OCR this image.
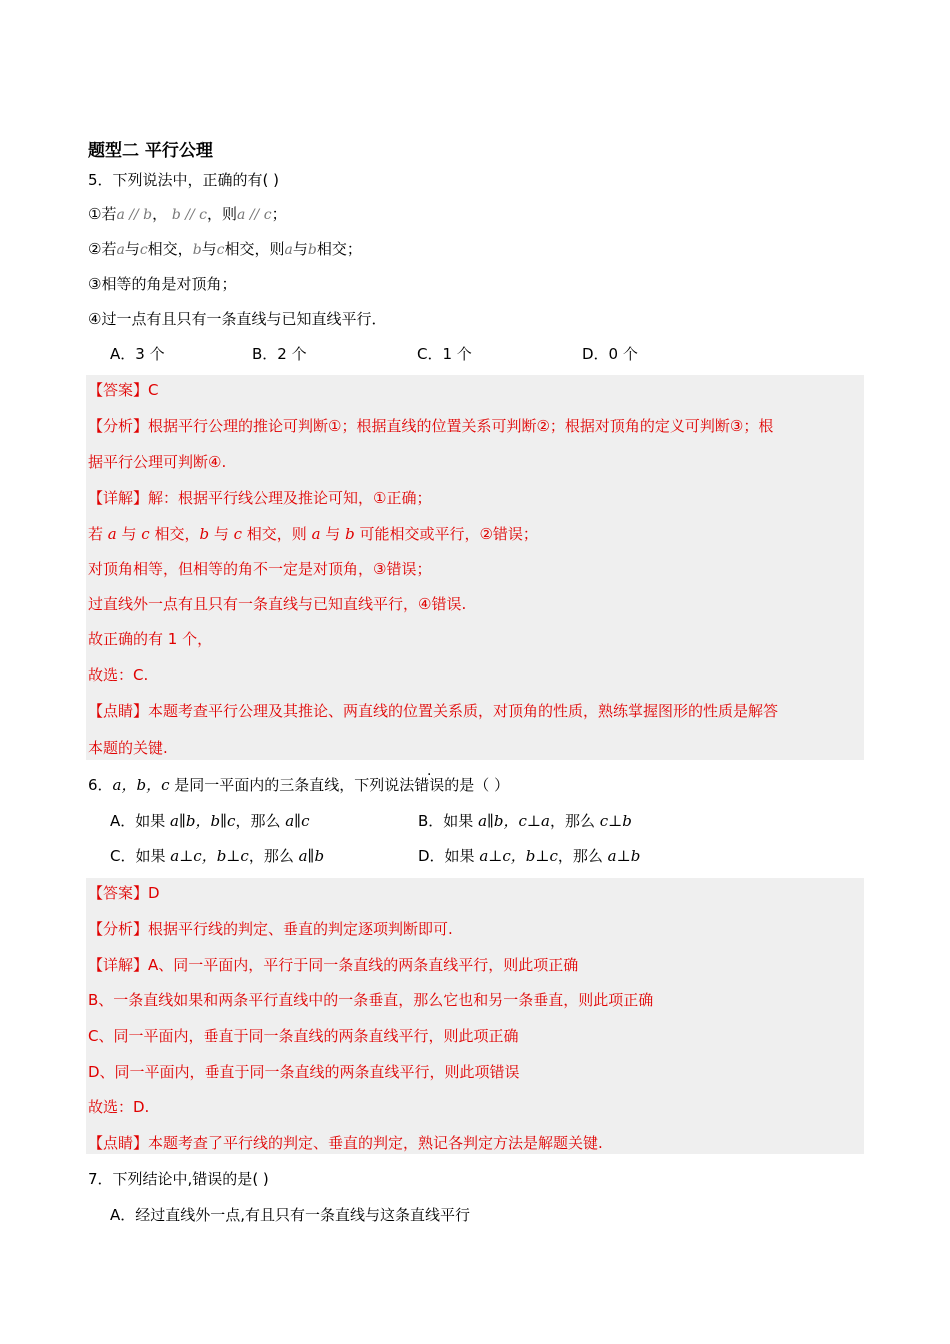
题型二 平行公理
5．下列说法中，正确的有( )
①若a // b， b // c，则a // c；
②若a与c相交，b与c相交，则a与b相交；
③相等的角是对顶角；
④过一点有且只有一条直线与已知直线平行．
A．3 个	B．2 个	C．1 个	D．0 个
【答案】C
【分析】根据平行公理的推论可判断①；根据直线的位置关系可判断②；根据对顶角的定义可判断③；根
据平行公理可判断④.
【详解】解：根据平行线公理及推论可知，①正确；
若 a 与 c 相交，b 与 c 相交，则 a 与 b 可能相交或平行，②错误；
对顶角相等，但相等的角不一定是对顶角，③错误；
过直线外一点有且只有一条直线与已知直线平行，④错误.
故正确的有 1 个，
故选：C.
【点睛】本题考查平行公理及其推论、两直线的位置关系质，对顶角的性质，熟练掌握图形的性质是解答
本题的关键.
6．a，b，c 是同一平面内的三条直线，下列说法错误的是（ ）
A．如果 a∥b，b∥c，那么 a∥c	B．如果 a∥b，c⊥a，那么 c⊥b
C．如果 a⊥c，b⊥c，那么 a∥b	D．如果 a⊥c，b⊥c，那么 a⊥b
【答案】D
【分析】根据平行线的判定、垂直的判定逐项判断即可.
【详解】A、同一平面内，平行于同一条直线的两条直线平行，则此项正确
B、一条直线如果和两条平行直线中的一条垂直，那么它也和另一条垂直，则此项正确
C、同一平面内，垂直于同一条直线的两条直线平行，则此项正确
D、同一平面内，垂直于同一条直线的两条直线平行，则此项错误
故选：D.
【点睛】本题考查了平行线的判定、垂直的判定，熟记各判定方法是解题关键.
7．下列结论中,错误的是( )
A．经过直线外一点,有且只有一条直线与这条直线平行
